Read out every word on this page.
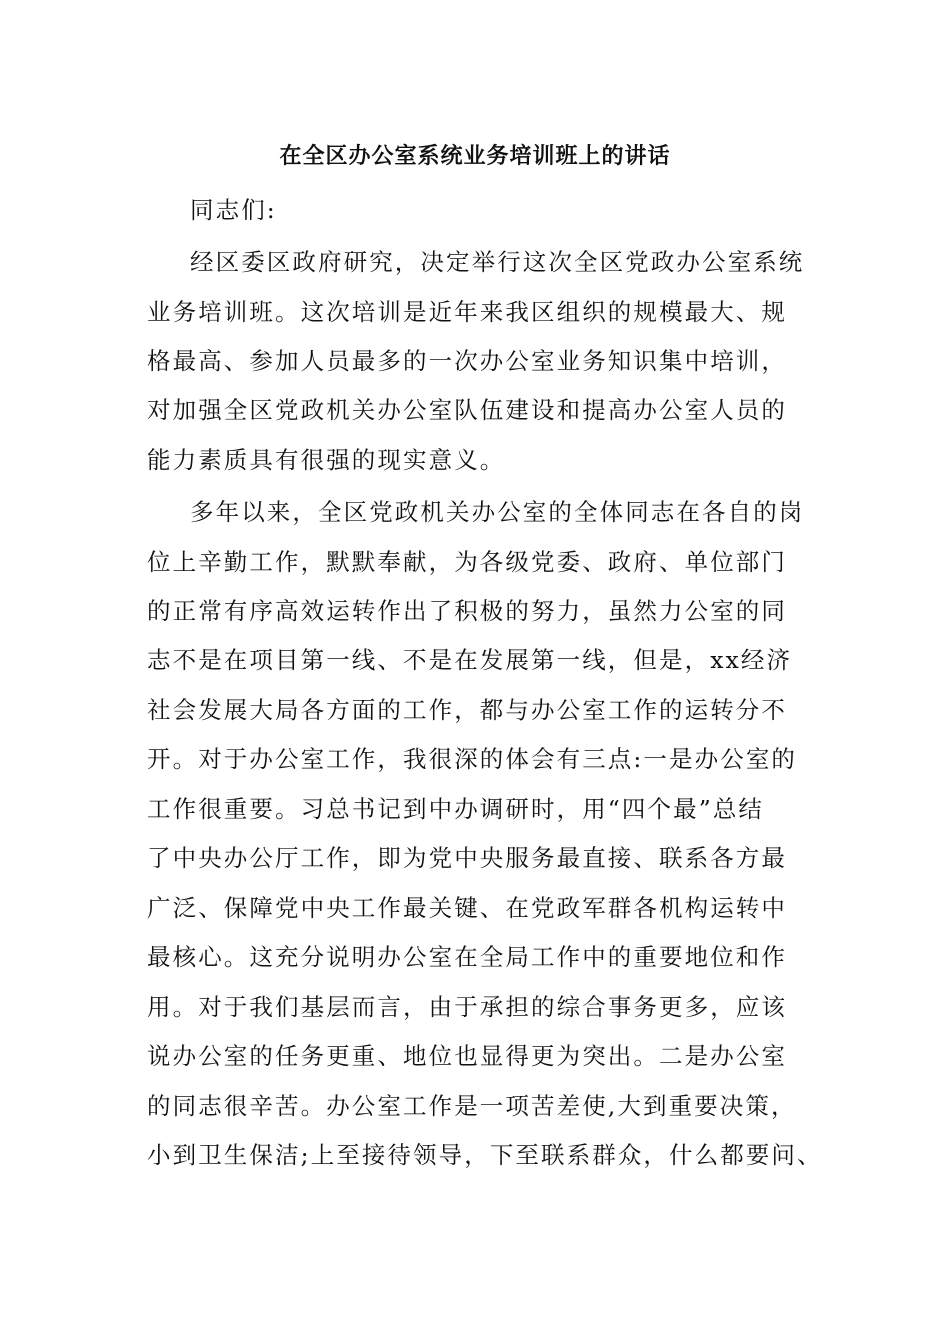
在全区办公室系统业务培训班上的讲话
同志们:
经区委区政府研究，决定举行这次全区党政办公室系统
业务培训班。这次培训是近年来我区组织的规模最大、规
格最高、参加人员最多的一次办公室业务知识集中培训，
对加强全区党政机关办公室队伍建设和提高办公室人员的
能力素质具有很强的现实意义。
多年以来，全区党政机关办公室的全体同志在各自的岗
位上辛勤工作，默默奉献，为各级党委、政府、单位部门
的正常有序高效运转作出了积极的努力，虽然力公室的同
志不是在项目第一线、不是在发展第一线，但是，xx经济
社会发展大局各方面的工作，都与办公室工作的运转分不
开。对于办公室工作，我很深的体会有三点:一是办公室的
工作很重要。习总书记到中办调研时，用“四个最”总结
了中央办公厅工作，即为党中央服务最直接、联系各方最
广泛、保障党中央工作最关键、在党政军群各机构运转中
最核心。这充分说明办公室在全局工作中的重要地位和作
用。对于我们基层而言，由于承担的综合事务更多，应该
说办公室的任务更重、地位也显得更为突出。二是办公室
的同志很辛苦。办公室工作是一项苦差使,大到重要决策，
小到卫生保洁;上至接待领导，下至联系群众，什么都要问、
